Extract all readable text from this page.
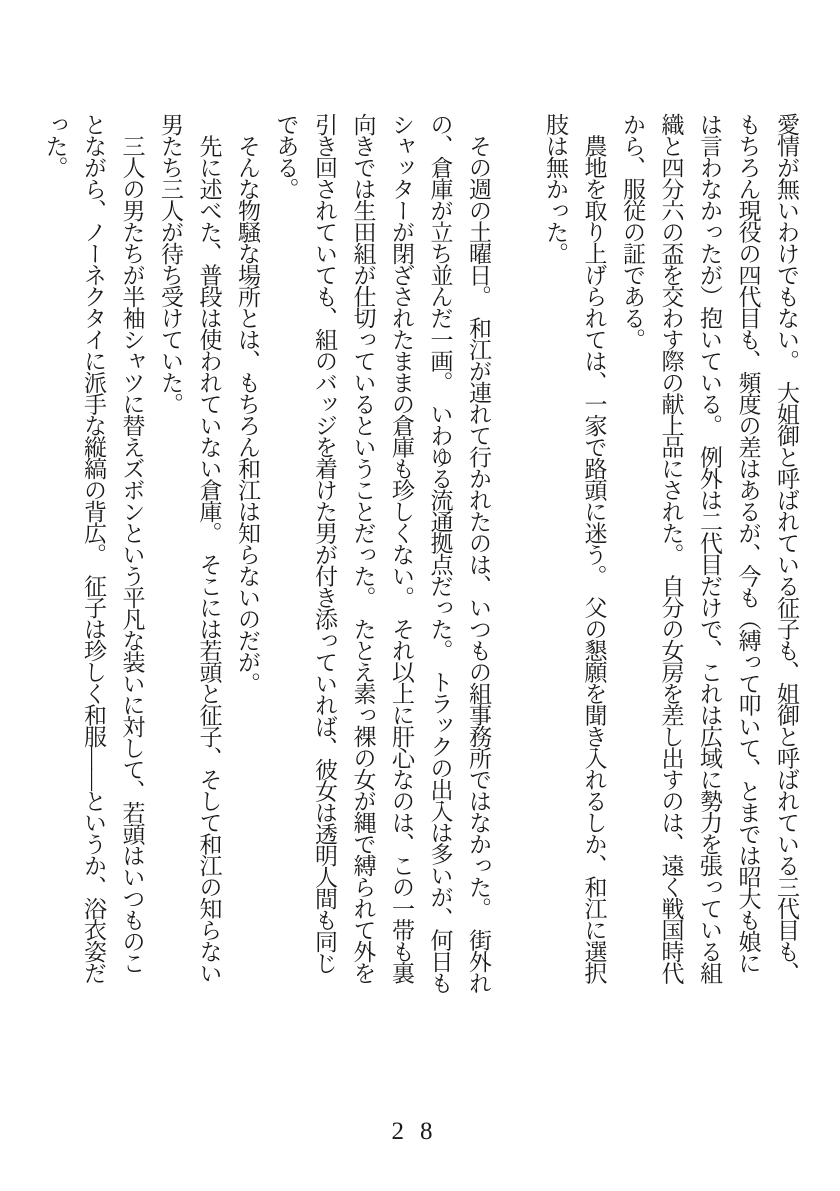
愛情が無いわけでもない。　大姐御と呼ばれている征子も、姐御と呼ばれている三代目も、
もちろん現役の四代目も、頻度の差はあるが、今も（縛って叩いて、とまでは昭大も娘に
は言わなかったが）抱いている。　例外は二代目だけで、これは広域に勢力を張っている組
織と四分六の盃を交わす際の献上品にされた。　自分の女房を差し出すのは、遠く戦国時代
から、服従の証である。
　農地を取り上げられては、一家で路頭に迷う。　父の懇願を聞き入れるしか、和江に選択
肢は無かった。

　その週の土曜日。　和江が連れて行かれたのは、いつもの組事務所ではなかった。　街外れ
の、倉庫が立ち並んだ一画。　いわゆる流通拠点だった。　トラックの出入は多いが、何日も
シャッターが閉ざされたままの倉庫も珍しくない。　それ以上に肝心なのは、この一帯も裏
向きでは生田組が仕切っているということだった。　たとえ素っ裸の女が縄で縛られて外を
引き回されていても、組のバッジを着けた男が付き添っていれば、彼女は透明人間も同じ
である。
　そんな物騒な場所とは、もちろん和江は知らないのだが。
　先に述べた、普段は使われていない倉庫。　そこには若頭と征子、そして和江の知らない
男たち三人が待ち受けていた。
　三人の男たちが半袖シャツに替えズボンという平凡な装いに対して、若頭はいつものこ
とながら、ノーネクタイに派手な縦縞の背広。　征子は珍しく和服――というか、浴衣姿だ
った。
28
